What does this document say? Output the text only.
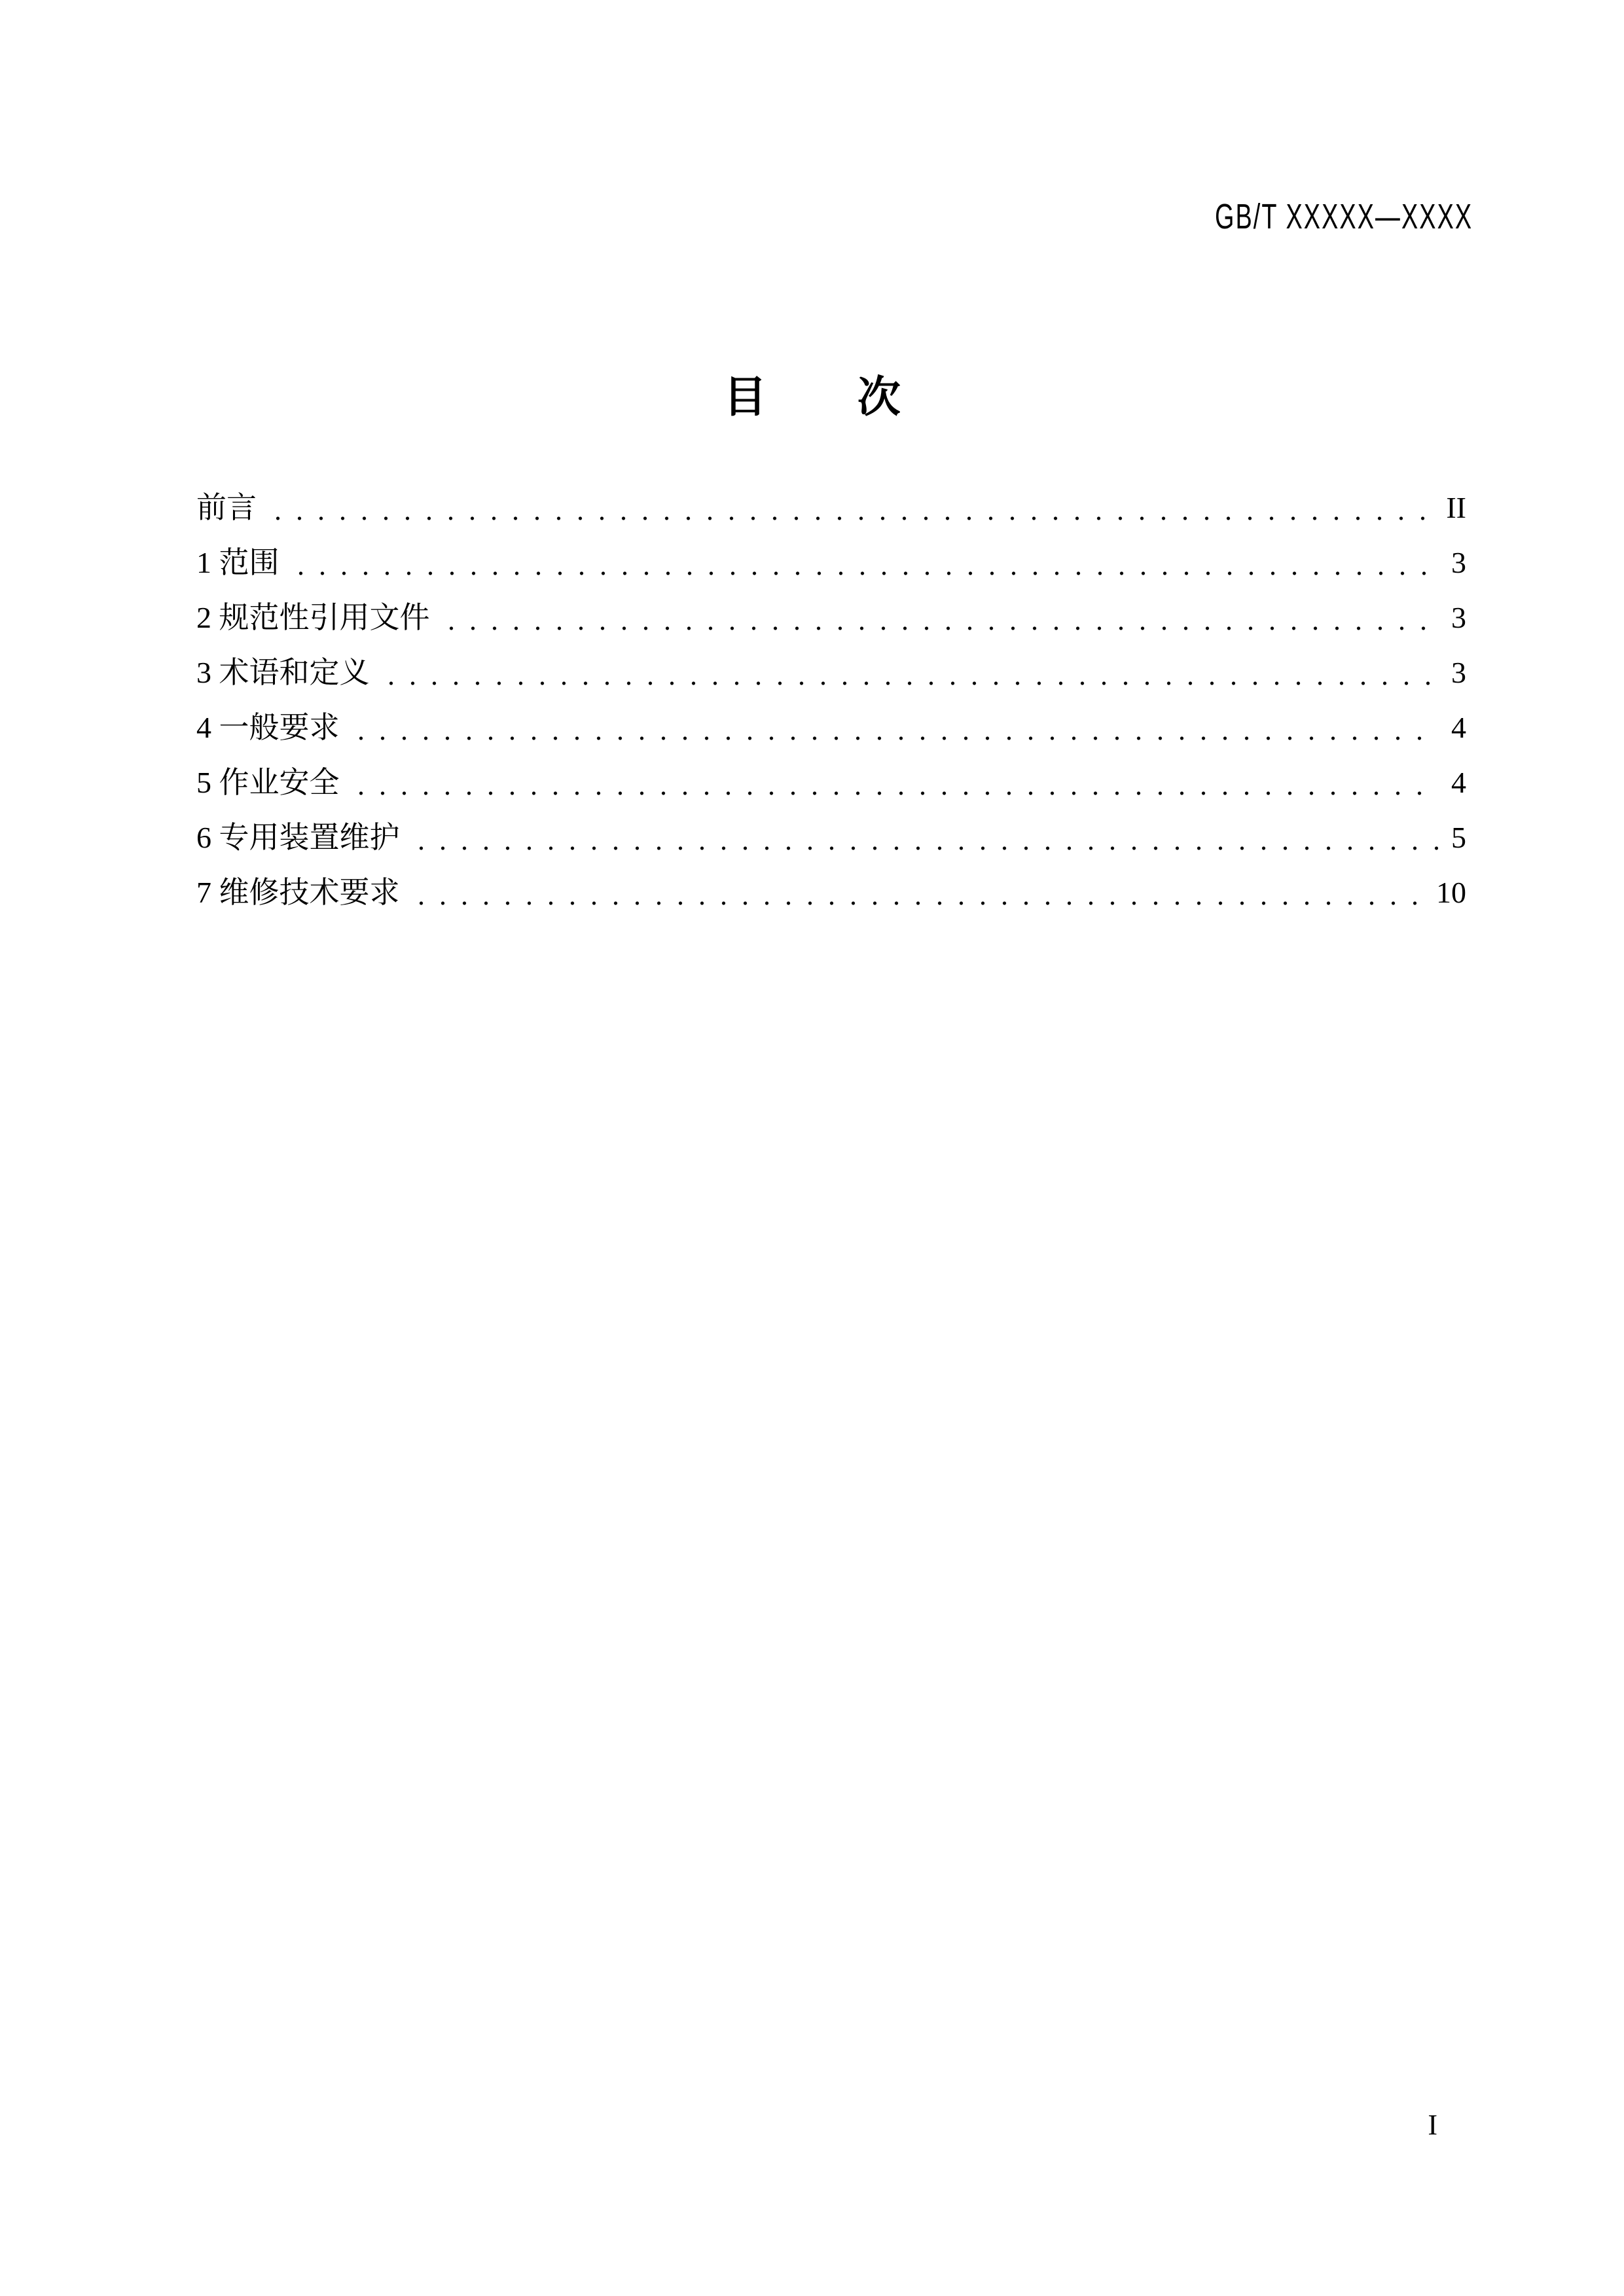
GB/T XXXXX—XXXX
目次
前言	II
1 范围	3
2 规范性引用文件	3
3 术语和定义	3
4 一般要求	4
5 作业安全	4
6 专用装置维护	5
7 维修技术要求	10
I
